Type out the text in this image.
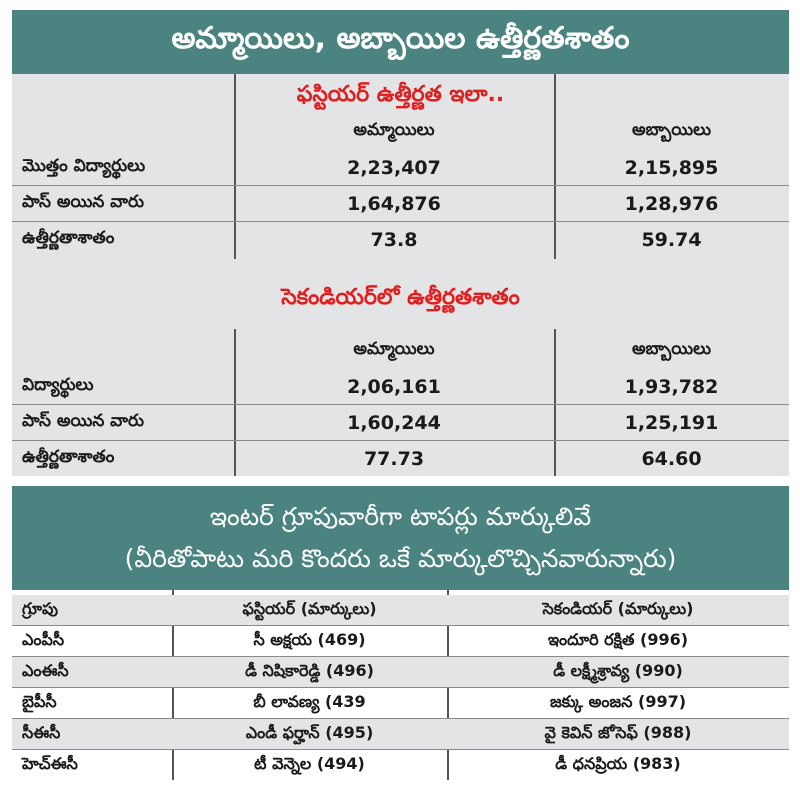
అమ్మాయిలు, అబ్బాయిల ఉత్తీర్ణతశాతం
ఫస్టియర్ ఉత్తీర్ణత ఇలా..
అమ్మాయిలు	అబ్బాయిలు
మొత్తం విద్యార్థులు	2,23,407	2,15,895
పాస్ అయిన వారు	1,64,876	1,28,976
ఉత్తీర్ణతాశాతం	73.8	59.74
సెకండియర్‌లో ఉత్తీర్ణతశాతం
అమ్మాయిలు	అబ్బాయిలు
విద్యార్థులు	2,06,161	1,93,782
పాస్ అయిన వారు	1,60,244	1,25,191
ఉత్తీర్ణతాశాతం	77.73	64.60
ఇంటర్ గ్రూపువారీగా టాపర్లు మార్కులివే
(వీరితోపాటు మరి కొందరు ఒకే మార్కులొచ్చినవారున్నారు)
గ్రూపు	ఫస్టియర్ (మార్కులు)	సెకండియర్ (మార్కులు)
ఎంపీసీ	సీ అక్షయ (469)	ఇందూరి రక్షిత (996)
ఎంఈసీ	డీ నిషికారెడ్డి (496)	డీ లక్ష్మీశ్రావ్య (990)
బైపీసీ	బీ లావణ్య (439	జక్కు అంజన (997)
సీఈసీ	ఎండీ ఫర్హాన్ (495)	వై కెవిన్ జోసెఫ్ (988)
హెచ్ఈసీ	టీ వెన్నెల (494)	డీ ధనప్రియ (983)
